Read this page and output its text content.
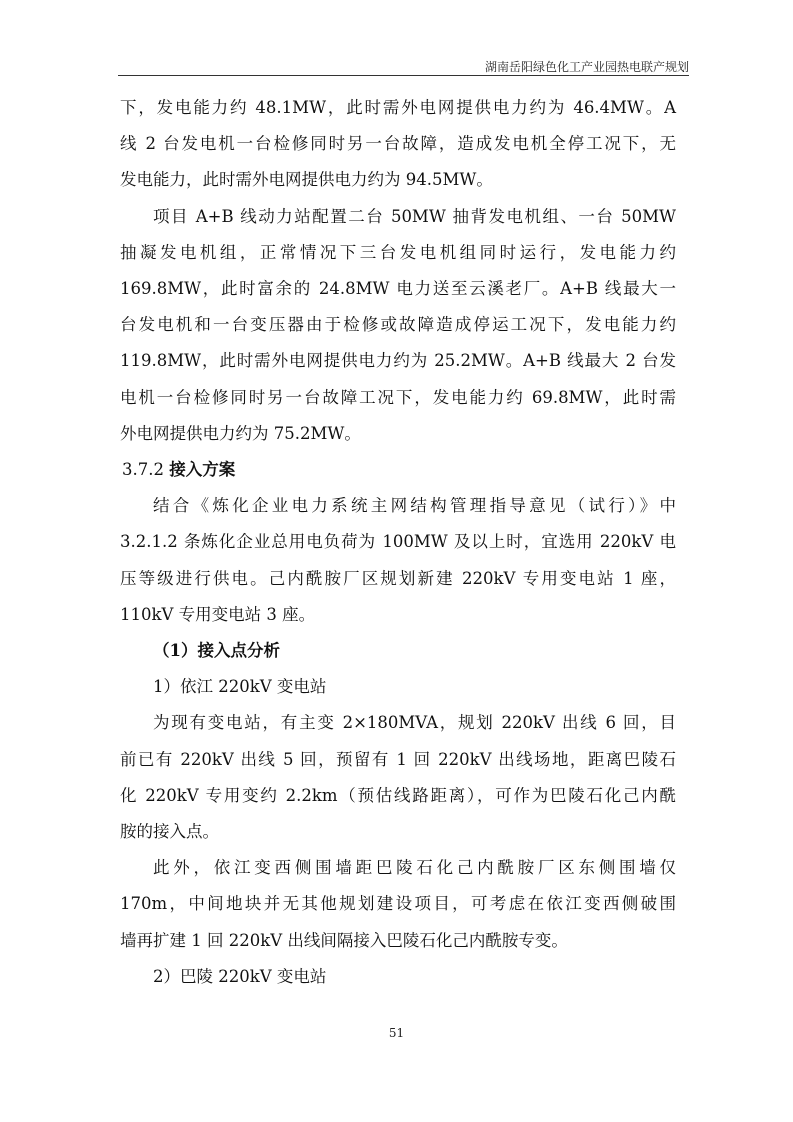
湖南岳阳绿色化工产业园热电联产规划
下，发电能力约 48.1MW，此时需外电网提供电力约为 46.4MW。A
线 2 台发电机一台检修同时另一台故障，造成发电机全停工况下，无
发电能力，此时需外电网提供电力约为 94.5MW。
项目 A+B 线动力站配置二台 50MW 抽背发电机组、一台 50MW
抽凝发电机组，正常情况下三台发电机组同时运行，发电能力约
169.8MW，此时富余的 24.8MW 电力送至云溪老厂。A+B 线最大一
台发电机和一台变压器由于检修或故障造成停运工况下，发电能力约
119.8MW，此时需外电网提供电力约为 25.2MW。A+B 线最大 2 台发
电机一台检修同时另一台故障工况下，发电能力约 69.8MW，此时需
外电网提供电力约为 75.2MW。
3.7.2 接入方案
结合《炼化企业电力系统主网结构管理指导意见（试行）》中
3.2.1.2 条炼化企业总用电负荷为 100MW 及以上时，宜选用 220kV 电
压等级进行供电。己内酰胺厂区规划新建 220kV 专用变电站 1 座，
110kV 专用变电站 3 座。
（1）接入点分析
1）依江 220kV 变电站
为现有变电站，有主变 2×180MVA，规划 220kV 出线 6 回，目
前已有 220kV 出线 5 回，预留有 1 回 220kV 出线场地，距离巴陵石
化 220kV 专用变约 2.2km（预估线路距离），可作为巴陵石化己内酰
胺的接入点。
此外，依江变西侧围墙距巴陵石化己内酰胺厂区东侧围墙仅
170m，中间地块并无其他规划建设项目，可考虑在依江变西侧破围
墙再扩建 1 回 220kV 出线间隔接入巴陵石化己内酰胺专变。
2）巴陵 220kV 变电站
51
